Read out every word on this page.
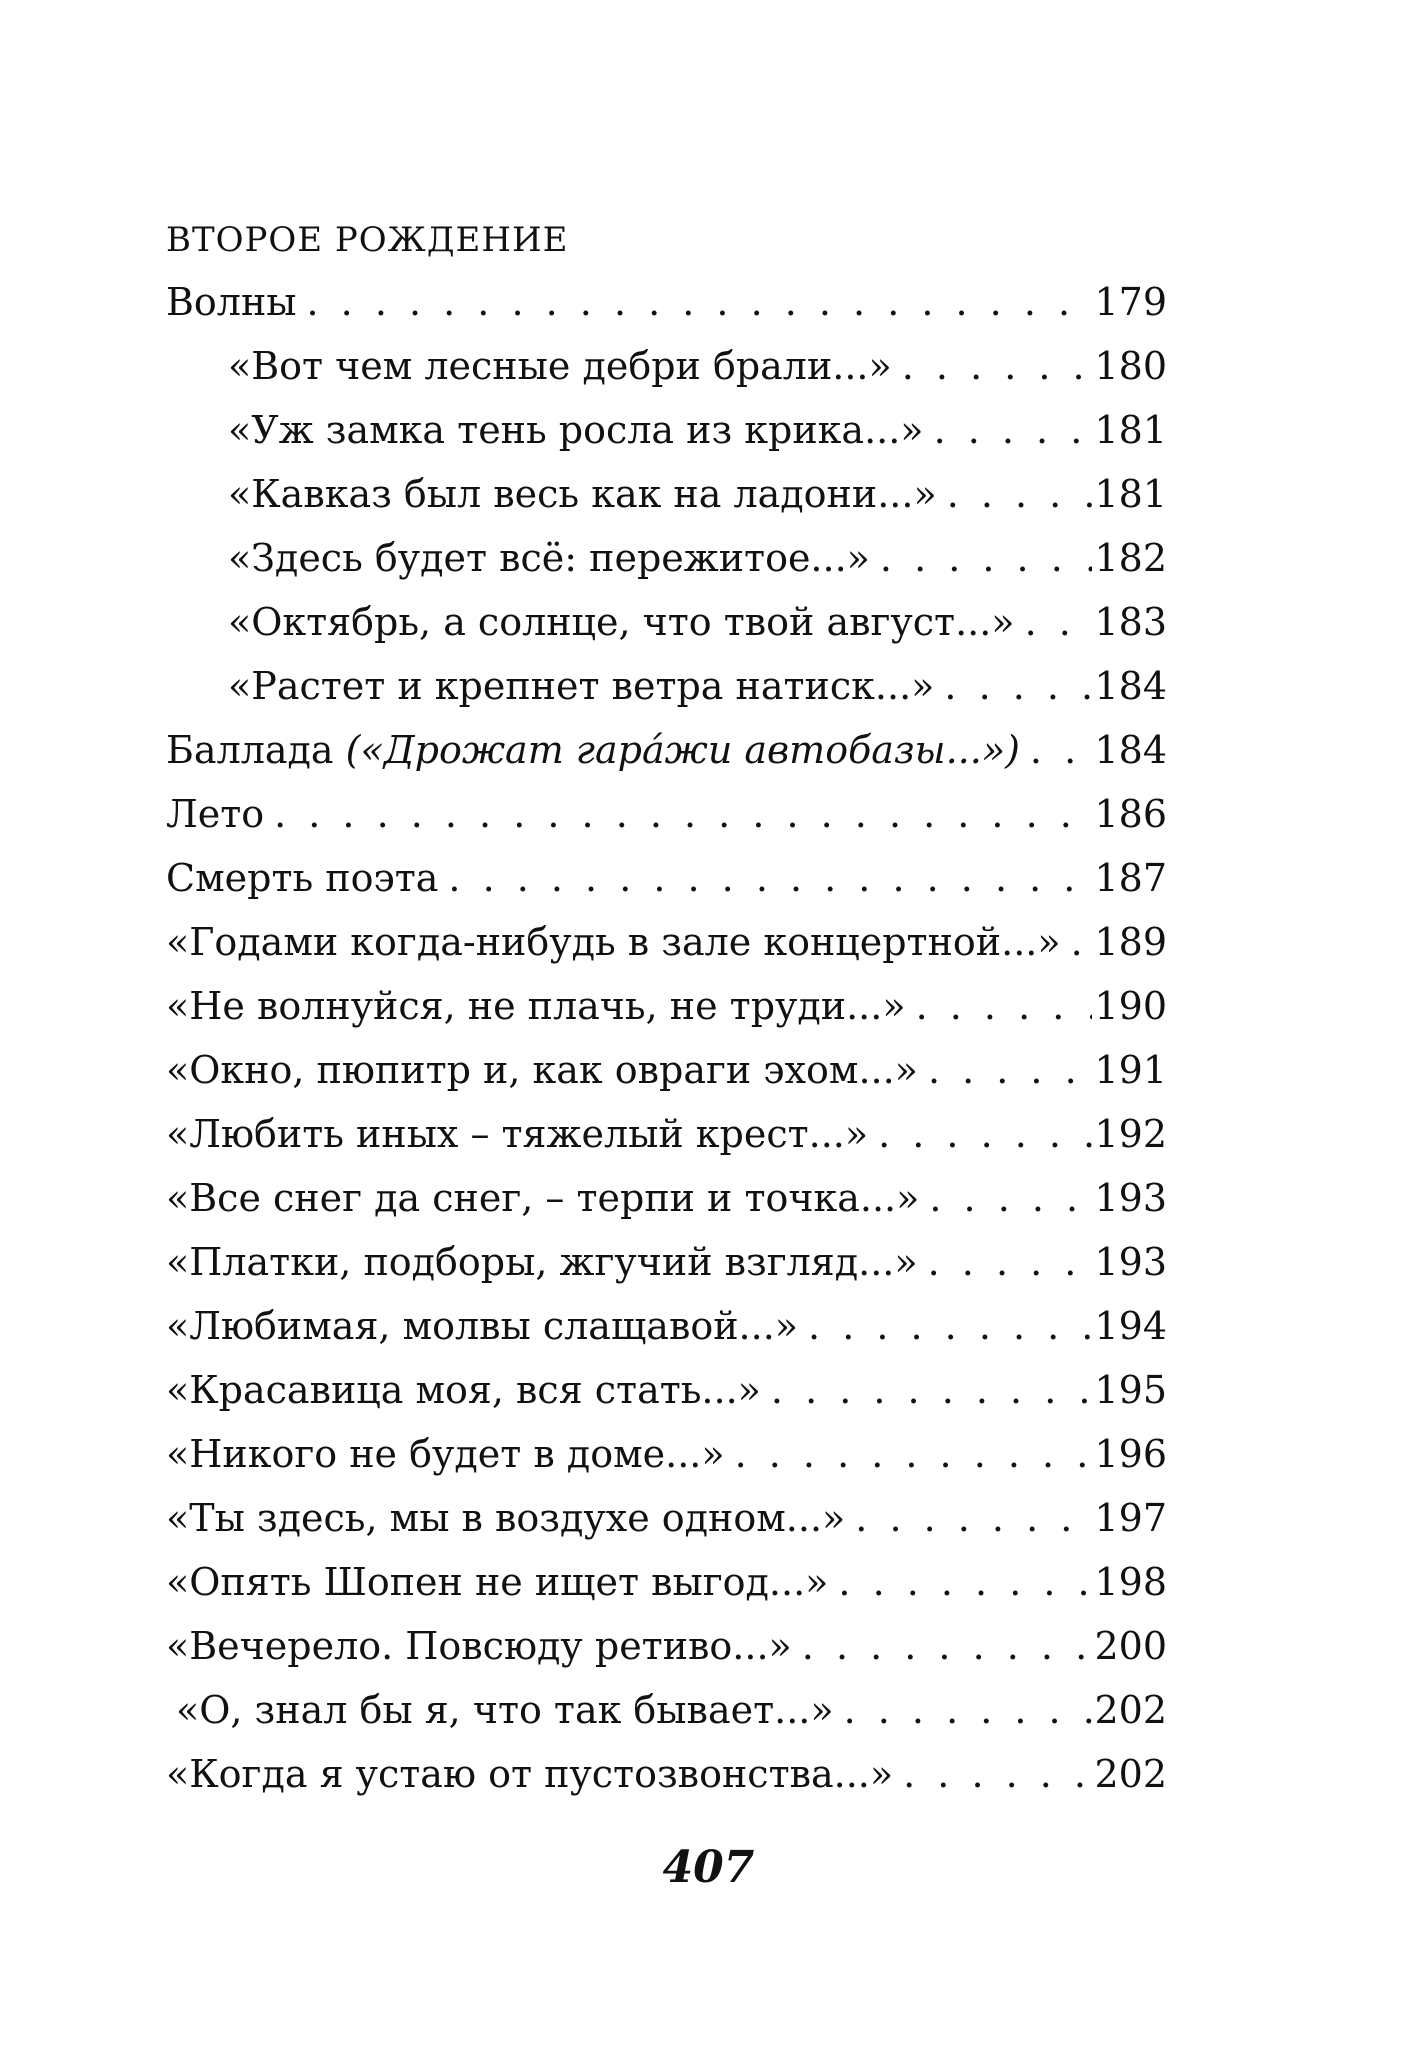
ВТОРОЕ РОЖДЕНИЕ
Волны . . .	179
«Вот чем лесные дебри брали...» . . .	180
«Уж замка тень росла из крика...» . . .	181
«Кавказ был весь как на ладони...» . . .	181
«Здесь будет всё: пережитое...» . . .	182
«Октябрь, а солнце, что твой август...» . . . 183
«Растет и крепнет ветра натиск...» . . .	184
Баллада («Дрожат гара́жи автобазы...») . . . 184
Лето . . .	186
Смерть поэта . . .	187
«Годами когда-нибудь в зале концертной...» . . . 189
«Не волнуйся, не плачь, не труди...» . . .	190
«Окно, пюпитр и, как овраги эхом...» . . .	191
«Любить иных – тяжелый крест...» . . .	192
«Все снег да снег, – терпи и точка...» . . .	193
«Платки, подборы, жгучий взгляд...» . . .	193
«Любимая, молвы слащавой...» . . .	194
«Красавица моя, вся стать...» . . .	195
«Никого не будет в доме...» . . .	196
«Ты здесь, мы в воздухе одном...» . . .	197
«Опять Шопен не ищет выгод...» . . .	198
«Вечерело. Повсюду ретиво...» . . .	200
«О, знал бы я, что так бывает...» . . .	202
«Когда я устаю от пустозвонства...» . . .	202
407
